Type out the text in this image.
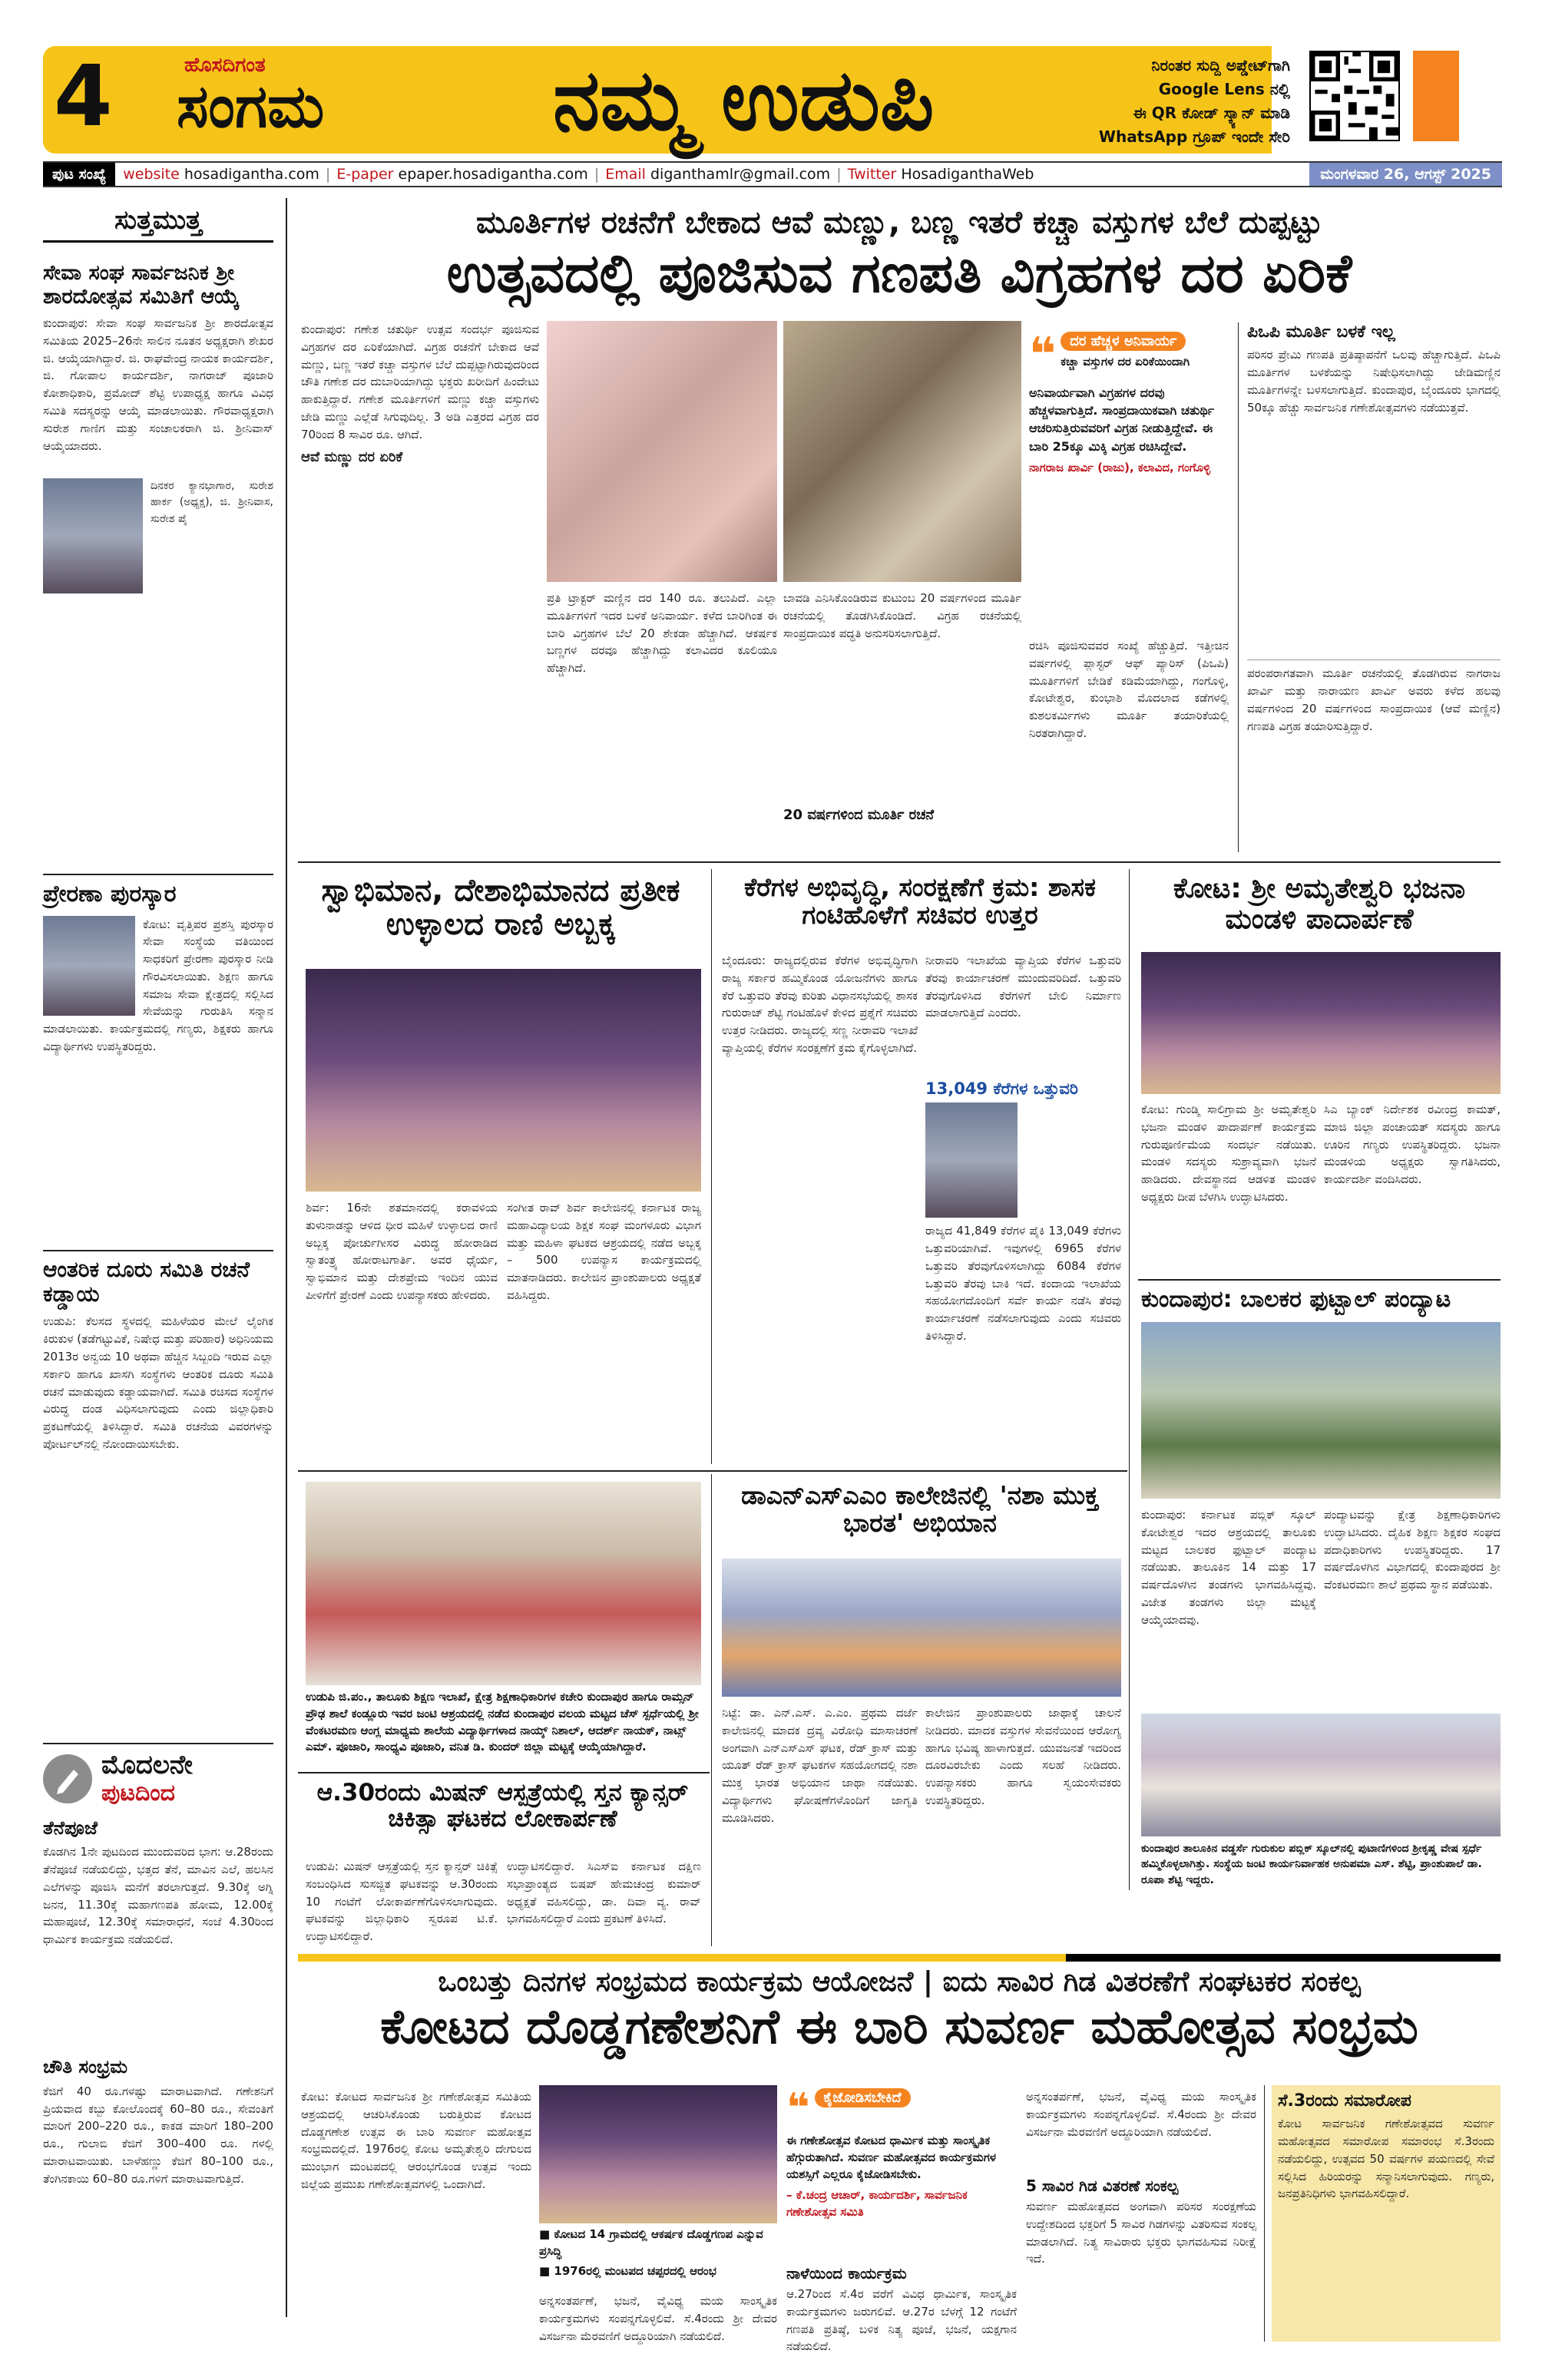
4	ಹೊಸದಿಗಂತ
ಸಂಗಮ	ನಮ್ಮ ಉಡುಪಿ	ನಿರಂತರ ಸುದ್ದಿ ಅಪ್ಡೇಟ್‌ಗಾಗಿ
Google Lens ನಲ್ಲಿ
ಈ QR ಕೋಡ್ ಸ್ಕ್ಯಾನ್ ಮಾಡಿ
WhatsApp ಗ್ರೂಪ್ ಇಂದೇ ಸೇರಿ
ಪುಟ ಸಂಖ್ಯೆ	website
hosadigantha.com | E-paper
epaper.hosadigantha.com | Email
diganthamlr@gmail.com | Twitter
HosadiganthaWeb	ಮಂಗಳವಾರ 26, ಆಗಸ್ಟ್ 2025
ಸುತ್ತಮುತ್ತ
ಸೇವಾ ಸಂಘ ಸಾರ್ವಜನಿಕ ಶ್ರೀ ಶಾರದೋತ್ಸವ ಸಮಿತಿಗೆ ಆಯ್ಕೆ
ಕುಂದಾಪುರ: ಸೇವಾ ಸಂಘ ಸಾರ್ವಜನಿಕ ಶ್ರೀ ಶಾರದೋತ್ಸವ ಸಮಿತಿಯ 2025–26ನೇ ಸಾಲಿನ ನೂತನ ಅಧ್ಯಕ್ಷರಾಗಿ ಶೇಖರ ಜಿ. ಆಯ್ಕೆಯಾಗಿದ್ದಾರೆ. ಜಿ. ರಾಘವೇಂದ್ರ ನಾಯಕ ಕಾರ್ಯದರ್ಶಿ, ಜಿ. ಗೋಪಾಲ ಕಾರ್ಯದರ್ಶಿ, ನಾಗರಾಜ್ ಪೂಜಾರಿ ಕೋಶಾಧಿಕಾರಿ, ಪ್ರಮೋದ್ ಶೆಟ್ಟಿ ಉಪಾಧ್ಯಕ್ಷ ಹಾಗೂ ವಿವಿಧ ಸಮಿತಿ ಸದಸ್ಯರನ್ನು ಆಯ್ಕೆ ಮಾಡಲಾಯಿತು. ಗೌರವಾಧ್ಯಕ್ಷರಾಗಿ ಸುರೇಶ ಗಾಣಿಗ ಮತ್ತು ಸಂಚಾಲಕರಾಗಿ ಜಿ. ಶ್ರೀನಿವಾಸ್ ಆಯ್ಕೆಯಾದರು.
ದಿನಕರ ಕ್ಯಾನಭಾಗಾರ, ಸುರೇಶ ಹಾರ್ಕ (ಅಧ್ಯಕ್ಷ), ಜಿ. ಶ್ರೀನಿವಾಸ, ಸುರೇಶ ಪೈ
ಪ್ರೇರಣಾ ಪುರಸ್ಕಾರ
ಕೋಟ: ವೃತ್ತಿಪರ ಪ್ರಶಸ್ತಿ ಪುರಸ್ಕಾರ ಸೇವಾ ಸಂಸ್ಥೆಯ ವತಿಯಿಂದ ಸಾಧಕರಿಗೆ ಪ್ರೇರಣಾ ಪುರಸ್ಕಾರ ನೀಡಿ ಗೌರವಿಸಲಾಯಿತು. ಶಿಕ್ಷಣ ಹಾಗೂ ಸಮಾಜ ಸೇವಾ ಕ್ಷೇತ್ರದಲ್ಲಿ ಸಲ್ಲಿಸಿದ ಸೇವೆಯನ್ನು ಗುರುತಿಸಿ ಸನ್ಮಾನ ಮಾಡಲಾಯಿತು. ಕಾರ್ಯಕ್ರಮದಲ್ಲಿ ಗಣ್ಯರು, ಶಿಕ್ಷಕರು ಹಾಗೂ ವಿದ್ಯಾರ್ಥಿಗಳು ಉಪಸ್ಥಿತರಿದ್ದರು.
ಆಂತರಿಕ ದೂರು ಸಮಿತಿ ರಚನೆ ಕಡ್ಡಾಯ
ಉಡುಪಿ: ಕೆಲಸದ ಸ್ಥಳದಲ್ಲಿ ಮಹಿಳೆಯರ ಮೇಲೆ ಲೈಂಗಿಕ ಕಿರುಕುಳ (ತಡೆಗಟ್ಟುವಿಕೆ, ನಿಷೇಧ ಮತ್ತು ಪರಿಹಾರ) ಅಧಿನಿಯಮ 2013ರ ಅನ್ವಯ 10 ಅಥವಾ ಹೆಚ್ಚಿನ ಸಿಬ್ಬಂದಿ ಇರುವ ಎಲ್ಲಾ ಸರ್ಕಾರಿ ಹಾಗೂ ಖಾಸಗಿ ಸಂಸ್ಥೆಗಳು ಆಂತರಿಕ ದೂರು ಸಮಿತಿ ರಚನೆ ಮಾಡುವುದು ಕಡ್ಡಾಯವಾಗಿದೆ. ಸಮಿತಿ ರಚಿಸದ ಸಂಸ್ಥೆಗಳ ವಿರುದ್ಧ ದಂಡ ವಿಧಿಸಲಾಗುವುದು ಎಂದು ಜಿಲ್ಲಾಧಿಕಾರಿ ಪ್ರಕಟಣೆಯಲ್ಲಿ ತಿಳಿಸಿದ್ದಾರೆ. ಸಮಿತಿ ರಚನೆಯ ವಿವರಗಳನ್ನು ಪೋರ್ಟಲ್‌ನಲ್ಲಿ ನೋಂದಾಯಿಸಬೇಕು.
ಮೊದಲನೇ
ಪುಟದಿಂದ
ತೆನೆಪೂಜೆ
ಕೊಡಗಿನ 1ನೇ ಪುಟದಿಂದ ಮುಂದುವರಿದ ಭಾಗ: ಆ.28ರಂದು ತೆನೆಪೂಜೆ ನಡೆಯಲಿದ್ದು, ಭತ್ತದ ತೆನೆ, ಮಾವಿನ ಎಲೆ, ಹಲಸಿನ ಎಲೆಗಳನ್ನು ಪೂಜಿಸಿ ಮನೆಗೆ ತರಲಾಗುತ್ತದೆ. 9.30ಕ್ಕೆ ಅಗ್ನಿ ಜನನ, 11.30ಕ್ಕೆ ಮಹಾಗಣಪತಿ ಹೋಮ, 12.00ಕ್ಕೆ ಮಹಾಪೂಜೆ, 12.30ಕ್ಕೆ ಸಮಾರಾಧನೆ, ಸಂಜೆ 4.30ರಿಂದ ಧಾರ್ಮಿಕ ಕಾರ್ಯಕ್ರಮ ನಡೆಯಲಿದೆ.
ಚೌತಿ ಸಂಭ್ರಮ
ಕೆಜಿಗೆ 40 ರೂ.ಗಳಷ್ಟು ಮಾರಾಟವಾಗಿದೆ. ಗಣೇಶನಿಗೆ ಪ್ರಿಯವಾದ ಕಬ್ಬು ಕೋಲೊಂದಕ್ಕೆ 60–80 ರೂ., ಸೇವಂತಿಗೆ ಮಾರಿಗೆ 200–220 ರೂ., ಕಾಕಡ ಮಾರಿಗೆ 180–200 ರೂ., ಗುಲಾಬಿ ಕೆಜಿಗೆ 300–400 ರೂ. ಗಳಲ್ಲಿ ಮಾರಾಟವಾಯಿತು. ಬಾಳೆಹಣ್ಣು ಕೆಜಿಗೆ 80–100 ರೂ., ತೆಂಗಿನಕಾಯಿ 60–80 ರೂ.ಗಳಿಗೆ ಮಾರಾಟವಾಗುತ್ತಿದೆ.
ಮೂರ್ತಿಗಳ ರಚನೆಗೆ ಬೇಕಾದ ಆವೆ ಮಣ್ಣು, ಬಣ್ಣ ಇತರೆ ಕಚ್ಚಾ ವಸ್ತುಗಳ ಬೆಲೆ ದುಪ್ಪಟ್ಟು
ಉತ್ಸವದಲ್ಲಿ ಪೂಜಿಸುವ ಗಣಪತಿ ವಿಗ್ರಹಗಳ ದರ ಏರಿಕೆ
ಕುಂದಾಪುರ: ಗಣೇಶ ಚತುರ್ಥಿ ಉತ್ಸವ ಸಂದರ್ಭ ಪೂಜಿಸುವ ವಿಗ್ರಹಗಳ ದರ ಏರಿಕೆಯಾಗಿದೆ. ವಿಗ್ರಹ ರಚನೆಗೆ ಬೇಕಾದ ಆವೆ ಮಣ್ಣು, ಬಣ್ಣ ಇತರೆ ಕಚ್ಚಾ ವಸ್ತುಗಳ ಬೆಲೆ ದುಪ್ಪಟ್ಟಾಗಿರುವುದರಿಂದ ಚೌತಿ ಗಣೇಶ ದರ ದುಬಾರಿಯಾಗಿದ್ದು ಭಕ್ತರು ಖರೀದಿಗೆ ಹಿಂದೇಟು ಹಾಕುತ್ತಿದ್ದಾರೆ. ಗಣೇಶ ಮೂರ್ತಿಗಳಿಗೆ ಮಣ್ಣು ಕಚ್ಚಾ ವಸ್ತುಗಳು ಜೇಡಿ ಮಣ್ಣು ಎಲ್ಲೆಡೆ ಸಿಗುವುದಿಲ್ಲ. 3 ಅಡಿ ಎತ್ತರದ ವಿಗ್ರಹ ದರ 70ರಿಂದ 8 ಸಾವಿರ ರೂ. ಆಗಿದೆ.
ಆವೆ ಮಣ್ಣು ದರ ಏರಿಕೆ
ಪ್ರತಿ ಟ್ರಾಕ್ಟರ್ ಮಣ್ಣಿನ ದರ 140 ರೂ. ತಲುಪಿದೆ. ಎಲ್ಲಾ ಮೂರ್ತಿಗಳಿಗೆ ಇದರ ಬಳಕೆ ಅನಿವಾರ್ಯ. ಕಳೆದ ಬಾರಿಗಿಂತ ಈ ಬಾರಿ ವಿಗ್ರಹಗಳ ಬೆಲೆ 20 ಶೇಕಡಾ ಹೆಚ್ಚಾಗಿದೆ. ಆಕರ್ಷಕ ಬಣ್ಣಗಳ ದರವೂ ಹೆಚ್ಚಾಗಿದ್ದು ಕಲಾವಿದರ ಕೂಲಿಯೂ ಹೆಚ್ಚಾಗಿದೆ.
ಬಾವಡಿ ಎನಿಸಿಕೊಂಡಿರುವ ಕುಟುಂಬ 20 ವರ್ಷಗಳಿಂದ ಮೂರ್ತಿ ರಚನೆಯಲ್ಲಿ ತೊಡಗಿಸಿಕೊಂಡಿದೆ. ವಿಗ್ರಹ ರಚನೆಯಲ್ಲಿ ಸಾಂಪ್ರದಾಯಿಕ ಪದ್ಧತಿ ಅನುಸರಿಸಲಾಗುತ್ತಿದೆ.
20 ವರ್ಷಗಳಿಂದ ಮೂರ್ತಿ ರಚನೆ
❝	ದರ ಹೆಚ್ಚಳ ಅನಿವಾರ್ಯ
ಕಚ್ಚಾ ವಸ್ತುಗಳ ದರ ಏರಿಕೆಯಿಂದಾಗಿ
ಅನಿವಾರ್ಯವಾಗಿ ವಿಗ್ರಹಗಳ ದರವು ಹೆಚ್ಚಳವಾಗುತ್ತಿದೆ. ಸಾಂಪ್ರದಾಯಿಕವಾಗಿ ಚತುರ್ಥಿ ಆಚರಿಸುತ್ತಿರುವವರಿಗೆ ವಿಗ್ರಹ ನೀಡುತ್ತಿದ್ದೇವೆ. ಈ ಬಾರಿ 25ಕ್ಕೂ ಮಿಕ್ಕಿ ವಿಗ್ರಹ ರಚಿಸಿದ್ದೇವೆ.
ನಾಗರಾಜ ಖಾರ್ವಿ (ರಾಜು), ಕಲಾವಿದ, ಗಂಗೊಳ್ಳಿ
ರಚಿಸಿ ಪೂಜಿಸುವವರ ಸಂಖ್ಯೆ ಹೆಚ್ಚುತ್ತಿದೆ. ಇತ್ತೀಚಿನ ವರ್ಷಗಳಲ್ಲಿ ಪ್ಲಾಸ್ಟರ್ ಆಫ್ ಪ್ಯಾರಿಸ್ (ಪಿಒಪಿ) ಮೂರ್ತಿಗಳಿಗೆ ಬೇಡಿಕೆ ಕಡಿಮೆಯಾಗಿದ್ದು, ಗಂಗೊಳ್ಳಿ, ಕೋಟೇಶ್ವರ, ಕುಂಭಾಶಿ ಮೊದಲಾದ ಕಡೆಗಳಲ್ಲಿ ಕುಶಲಕರ್ಮಿಗಳು ಮೂರ್ತಿ ತಯಾರಿಕೆಯಲ್ಲಿ ನಿರತರಾಗಿದ್ದಾರೆ.
ಪಿಒಪಿ ಮೂರ್ತಿ ಬಳಕೆ ಇಲ್ಲ
ಪರಿಸರ ಪ್ರೇಮಿ ಗಣಪತಿ ಪ್ರತಿಷ್ಠಾಪನೆಗೆ ಒಲವು ಹೆಚ್ಚಾಗುತ್ತಿದೆ. ಪಿಒಪಿ ಮೂರ್ತಿಗಳ ಬಳಕೆಯನ್ನು ನಿಷೇಧಿಸಲಾಗಿದ್ದು ಜೇಡಿಮಣ್ಣಿನ ಮೂರ್ತಿಗಳನ್ನೇ ಬಳಸಲಾಗುತ್ತಿದೆ. ಕುಂದಾಪುರ, ಬೈಂದೂರು ಭಾಗದಲ್ಲಿ 50ಕ್ಕೂ ಹೆಚ್ಚು ಸಾರ್ವಜನಿಕ ಗಣೇಶೋತ್ಸವಗಳು ನಡೆಯುತ್ತವೆ.
ಪರಂಪರಾಗತವಾಗಿ ಮೂರ್ತಿ ರಚನೆಯಲ್ಲಿ ತೊಡಗಿರುವ ನಾಗರಾಜ ಖಾರ್ವಿ ಮತ್ತು ನಾರಾಯಣ ಖಾರ್ವಿ ಅವರು ಕಳೆದ ಹಲವು ವರ್ಷಗಳಿಂದ 20 ವರ್ಷಗಳಿಂದ ಸಾಂಪ್ರದಾಯಿಕ (ಆವೆ ಮಣ್ಣಿನ) ಗಣಪತಿ ವಿಗ್ರಹ ತಯಾರಿಸುತ್ತಿದ್ದಾರೆ.
ಸ್ವಾಭಿಮಾನ, ದೇಶಾಭಿಮಾನದ ಪ್ರತೀಕ ಉಳ್ಳಾಲದ ರಾಣಿ ಅಬ್ಬಕ್ಕ
ಶಿರ್ವ: 16ನೇ ಶತಮಾನದಲ್ಲಿ ಕರಾವಳಿಯ ತುಳುನಾಡನ್ನು ಆಳಿದ ಧೀರ ಮಹಿಳೆ ಉಳ್ಳಾಲದ ರಾಣಿ ಅಬ್ಬಕ್ಕ ಪೋರ್ಚುಗೀಸರ ವಿರುದ್ಧ ಹೋರಾಡಿದ ಸ್ವಾತಂತ್ರ್ಯ ಹೋರಾಟಗಾರ್ತಿ. ಅವರ ಧೈರ್ಯ, ಸ್ವಾಭಿಮಾನ ಮತ್ತು ದೇಶಪ್ರೇಮ ಇಂದಿನ ಯುವ ಪೀಳಿಗೆಗೆ ಪ್ರೇರಣೆ ಎಂದು ಉಪನ್ಯಾಸಕರು ಹೇಳಿದರು.
ಸಂಗೀತ ರಾವ್ ಶಿರ್ವ ಕಾಲೇಜಿನಲ್ಲಿ ಕರ್ನಾಟಕ ರಾಜ್ಯ ಮಹಾವಿದ್ಯಾಲಯ ಶಿಕ್ಷಕ ಸಂಘ ಮಂಗಳೂರು ವಿಭಾಗ ಮತ್ತು ಮಹಿಳಾ ಘಟಕದ ಆಶ್ರಯದಲ್ಲಿ ನಡೆದ ಅಬ್ಬಕ್ಕ – 500 ಉಪನ್ಯಾಸ ಕಾರ್ಯಕ್ರಮದಲ್ಲಿ ಮಾತನಾಡಿದರು. ಕಾಲೇಜಿನ ಪ್ರಾಂಶುಪಾಲರು ಅಧ್ಯಕ್ಷತೆ ವಹಿಸಿದ್ದರು.
ಕೆರೆಗಳ ಅಭಿವೃದ್ಧಿ, ಸಂರಕ್ಷಣೆಗೆ ಕ್ರಮ: ಶಾಸಕ ಗಂಟಿಹೊಳೆಗೆ ಸಚಿವರ ಉತ್ತರ
ಬೈಂದೂರು: ರಾಜ್ಯದಲ್ಲಿರುವ ಕೆರೆಗಳ ಅಭಿವೃದ್ಧಿಗಾಗಿ ರಾಜ್ಯ ಸರ್ಕಾರ ಹಮ್ಮಿಕೊಂಡ ಯೋಜನೆಗಳು ಹಾಗೂ ಕೆರೆ ಒತ್ತುವರಿ ತೆರವು ಕುರಿತು ವಿಧಾನಸಭೆಯಲ್ಲಿ ಶಾಸಕ ಗುರುರಾಜ್ ಶೆಟ್ಟಿ ಗಂಟಿಹೊಳೆ ಕೇಳಿದ ಪ್ರಶ್ನೆಗೆ ಸಚಿವರು ಉತ್ತರ ನೀಡಿದರು. ರಾಜ್ಯದಲ್ಲಿ ಸಣ್ಣ ನೀರಾವರಿ ಇಲಾಖೆ ವ್ಯಾಪ್ತಿಯಲ್ಲಿ ಕೆರೆಗಳ ಸಂರಕ್ಷಣೆಗೆ ಕ್ರಮ ಕೈಗೊಳ್ಳಲಾಗಿದೆ.
ನೀರಾವರಿ ಇಲಾಖೆಯ ವ್ಯಾಪ್ತಿಯ ಕೆರೆಗಳ ಒತ್ತುವರಿ ತೆರವು ಕಾರ್ಯಾಚರಣೆ ಮುಂದುವರಿದಿದೆ. ಒತ್ತುವರಿ ತೆರವುಗೊಳಿಸಿದ ಕೆರೆಗಳಿಗೆ ಬೇಲಿ ನಿರ್ಮಾಣ ಮಾಡಲಾಗುತ್ತಿದೆ ಎಂದರು.
13,049 ಕೆರೆಗಳ ಒತ್ತುವರಿ
ರಾಜ್ಯದ 41,849 ಕೆರೆಗಳ ಪೈಕಿ 13,049 ಕೆರೆಗಳು ಒತ್ತುವರಿಯಾಗಿವೆ. ಇವುಗಳಲ್ಲಿ 6965 ಕೆರೆಗಳ ಒತ್ತುವರಿ ತೆರವುಗೊಳಿಸಲಾಗಿದ್ದು 6084 ಕೆರೆಗಳ ಒತ್ತುವರಿ ತೆರವು ಬಾಕಿ ಇದೆ. ಕಂದಾಯ ಇಲಾಖೆಯ ಸಹಯೋಗದೊಂದಿಗೆ ಸರ್ವೆ ಕಾರ್ಯ ನಡೆಸಿ ತೆರವು ಕಾರ್ಯಾಚರಣೆ ನಡೆಸಲಾಗುವುದು ಎಂದು ಸಚಿವರು ತಿಳಿಸಿದ್ದಾರೆ.
ಕೋಟ: ಶ್ರೀ ಅಮೃತೇಶ್ವರಿ ಭಜನಾ ಮಂಡಳಿ ಪಾದಾರ್ಪಣೆ
ಕೋಟ: ಗುಂಡ್ಮಿ ಸಾಲಿಗ್ರಾಮ ಶ್ರೀ ಅಮೃತೇಶ್ವರಿ ಭಜನಾ ಮಂಡಳಿ ಪಾದಾರ್ಪಣೆ ಕಾರ್ಯಕ್ರಮ ಗುರುಪೂರ್ಣಿಮೆಯ ಸಂದರ್ಭ ನಡೆಯಿತು. ಮಂಡಳಿ ಸದಸ್ಯರು ಸುಶ್ರಾವ್ಯವಾಗಿ ಭಜನೆ ಹಾಡಿದರು. ದೇವಸ್ಥಾನದ ಆಡಳಿತ ಮಂಡಳಿ ಅಧ್ಯಕ್ಷರು ದೀಪ ಬೆಳಗಿಸಿ ಉದ್ಘಾಟಿಸಿದರು.
ಸಿಎ ಬ್ಯಾಂಕ್ ನಿರ್ದೇಶಕ ರವೀಂದ್ರ ಕಾಮತ್, ಮಾಜಿ ಜಿಲ್ಲಾ ಪಂಚಾಯತ್ ಸದಸ್ಯರು ಹಾಗೂ ಊರಿನ ಗಣ್ಯರು ಉಪಸ್ಥಿತರಿದ್ದರು. ಭಜನಾ ಮಂಡಳಿಯ ಅಧ್ಯಕ್ಷರು ಸ್ವಾಗತಿಸಿದರು, ಕಾರ್ಯದರ್ಶಿ ವಂದಿಸಿದರು.
ಕುಂದಾಪುರ: ಬಾಲಕರ ಫುಟ್ಬಾಲ್ ಪಂದ್ಯಾಟ
ಕುಂದಾಪುರ: ಕರ್ನಾಟಕ ಪಬ್ಲಿಕ್ ಸ್ಕೂಲ್ ಕೋಟೇಶ್ವರ ಇದರ ಆಶ್ರಯದಲ್ಲಿ ತಾಲೂಕು ಮಟ್ಟದ ಬಾಲಕರ ಫುಟ್ಬಾಲ್ ಪಂದ್ಯಾಟ ನಡೆಯಿತು. ತಾಲೂಕಿನ 14 ಮತ್ತು 17 ವರ್ಷದೊಳಗಿನ ತಂಡಗಳು ಭಾಗವಹಿಸಿದ್ದವು. ವಿಜೇತ ತಂಡಗಳು ಜಿಲ್ಲಾ ಮಟ್ಟಕ್ಕೆ ಆಯ್ಕೆಯಾದವು.
ಪಂದ್ಯಾಟವನ್ನು ಕ್ಷೇತ್ರ ಶಿಕ್ಷಣಾಧಿಕಾರಿಗಳು ಉದ್ಘಾಟಿಸಿದರು. ದೈಹಿಕ ಶಿಕ್ಷಣ ಶಿಕ್ಷಕರ ಸಂಘದ ಪದಾಧಿಕಾರಿಗಳು ಉಪಸ್ಥಿತರಿದ್ದರು. 17 ವರ್ಷದೊಳಗಿನ ವಿಭಾಗದಲ್ಲಿ ಕುಂದಾಪುರದ ಶ್ರೀ ವೆಂಕಟರಮಣ ಶಾಲೆ ಪ್ರಥಮ ಸ್ಥಾನ ಪಡೆಯಿತು.
ಕುಂದಾಪುರ ತಾಲೂಕಿನ ವಡ್ಡರ್ಸೆ ಗುರುಕುಲ ಪಬ್ಲಿಕ್ ಸ್ಕೂಲ್‌ನಲ್ಲಿ ಪುಟಾಣಿಗಳಿಂದ ಶ್ರೀಕೃಷ್ಣ ವೇಷ ಸ್ಪರ್ಧೆ ಹಮ್ಮಿಕೊಳ್ಳಲಾಗಿತ್ತು. ಸಂಸ್ಥೆಯ ಜಂಟಿ ಕಾರ್ಯನಿರ್ವಾಹಕ ಅನುಪಮಾ ಎಸ್. ಶೆಟ್ಟಿ, ಪ್ರಾಂಶುಪಾಲೆ ಡಾ. ರೂಪಾ ಶೆಟ್ಟಿ ಇದ್ದರು.
ಉಡುಪಿ ಜಿ.ಪಂ., ತಾಲೂಕು ಶಿಕ್ಷಣ ಇಲಾಖೆ, ಕ್ಷೇತ್ರ ಶಿಕ್ಷಣಾಧಿಕಾರಿಗಳ ಕಚೇರಿ ಕುಂದಾಪುರ ಹಾಗೂ ರಾಮ್ಸನ್ ಪ್ರೌಢ ಶಾಲೆ ಕಂಡ್ಲೂರು ಇವರ ಜಂಟಿ ಆಶ್ರಯದಲ್ಲಿ ನಡೆದ ಕುಂದಾಪುರ ವಲಯ ಮಟ್ಟದ ಚೆಸ್ ಸ್ಪರ್ಧೆಯಲ್ಲಿ ಶ್ರೀ ವೆಂಕಟರಮಣ ಆಂಗ್ಲ ಮಾಧ್ಯಮ ಶಾಲೆಯ ವಿದ್ಯಾರ್ಥಿಗಳಾದ ನಾಯ್ಕ್ ನಿಶಾಲ್, ಆದರ್ಶ್ ನಾಯಕ್, ನಾಟ್ಸ್ ಎಮ್. ಪೂಜಾರಿ, ಸಾಂಧ್ಯವಿ ಪೂಜಾರಿ, ವನಿತ ಡಿ. ಕುಂದರ್ ಜಿಲ್ಲಾ ಮಟ್ಟಕ್ಕೆ ಆಯ್ಕೆಯಾಗಿದ್ದಾರೆ.
ಆ.30ರಂದು ಮಿಷನ್ ಆಸ್ಪತ್ರೆಯಲ್ಲಿ ಸ್ತನ ಕ್ಯಾನ್ಸರ್ ಚಿಕಿತ್ಸಾ ಘಟಕದ ಲೋಕಾರ್ಪಣೆ
ಉಡುಪಿ: ಮಿಷನ್ ಆಸ್ಪತ್ರೆಯಲ್ಲಿ ಸ್ತನ ಕ್ಯಾನ್ಸರ್ ಚಿಕಿತ್ಸೆ ಸಂಬಂಧಿಸಿದ ಸುಸಜ್ಜಿತ ಘಟಕವನ್ನು ಆ.30ರಂದು 10 ಗಂಟೆಗೆ ಲೋಕಾರ್ಪಣೆಗೊಳಿಸಲಾಗುವುದು. ಘಟಕವನ್ನು ಜಿಲ್ಲಾಧಿಕಾರಿ ಸ್ವರೂಪ ಟಿ.ಕೆ. ಉದ್ಘಾಟಿಸಲಿದ್ದಾರೆ.
ಉದ್ಘಾಟಿಸಲಿದ್ದಾರೆ. ಸಿಎಸ್‌ಐ ಕರ್ನಾಟಕ ದಕ್ಷಿಣ ಸಭಾಪ್ರಾಂತ್ಯದ ಬಿಷಪ್ ಹೇಮಚಂದ್ರ ಕುಮಾರ್ ಅಧ್ಯಕ್ಷತೆ ವಹಿಸಲಿದ್ದು, ಡಾ. ದಿವಾ ವ್ಯ. ರಾವ್ ಭಾಗವಹಿಸಲಿದ್ದಾರೆ ಎಂದು ಪ್ರಕಟಣೆ ತಿಳಿಸಿದೆ.
ಡಾಎನ್‌ಎಸ್‌ಎಎಂ ಕಾಲೇಜಿನಲ್ಲಿ 'ನಶಾ ಮುಕ್ತ ಭಾರತ' ಅಭಿಯಾನ
ನಿಟ್ಟೆ: ಡಾ. ಎನ್.ಎಸ್. ಎ.ಎಂ. ಪ್ರಥಮ ದರ್ಜೆ ಕಾಲೇಜಿನಲ್ಲಿ ಮಾದಕ ದ್ರವ್ಯ ವಿರೋಧಿ ಮಾಸಾಚರಣೆ ಅಂಗವಾಗಿ ಎನ್‌ಎಸ್‌ಎಸ್ ಘಟಕ, ರೆಡ್ ಕ್ರಾಸ್ ಮತ್ತು ಯೂತ್ ರೆಡ್ ಕ್ರಾಸ್ ಘಟಕಗಳ ಸಹಯೋಗದಲ್ಲಿ ನಶಾ ಮುಕ್ತ ಭಾರತ ಅಭಿಯಾನ ಜಾಥಾ ನಡೆಯಿತು. ವಿದ್ಯಾರ್ಥಿಗಳು ಘೋಷಣೆಗಳೊಂದಿಗೆ ಜಾಗೃತಿ ಮೂಡಿಸಿದರು.
ಕಾಲೇಜಿನ ಪ್ರಾಂಶುಪಾಲರು ಜಾಥಾಕ್ಕೆ ಚಾಲನೆ ನೀಡಿದರು. ಮಾದಕ ವಸ್ತುಗಳ ಸೇವನೆಯಿಂದ ಆರೋಗ್ಯ ಹಾಗೂ ಭವಿಷ್ಯ ಹಾಳಾಗುತ್ತದೆ. ಯುವಜನತೆ ಇದರಿಂದ ದೂರವಿರಬೇಕು ಎಂದು ಸಲಹೆ ನೀಡಿದರು. ಉಪನ್ಯಾಸಕರು ಹಾಗೂ ಸ್ವಯಂಸೇವಕರು ಉಪಸ್ಥಿತರಿದ್ದರು.
ಒಂಬತ್ತು ದಿನಗಳ ಸಂಭ್ರಮದ ಕಾರ್ಯಕ್ರಮ ಆಯೋಜನೆ | ಐದು ಸಾವಿರ ಗಿಡ ವಿತರಣೆಗೆ ಸಂಘಟಕರ ಸಂಕಲ್ಪ
ಕೋಟದ ದೊಡ್ಡಗಣೇಶನಿಗೆ ಈ ಬಾರಿ ಸುವರ್ಣ ಮಹೋತ್ಸವ ಸಂಭ್ರಮ
ಕೋಟ: ಕೋಟದ ಸಾರ್ವಜನಿಕ ಶ್ರೀ ಗಣೇಶೋತ್ಸವ ಸಮಿತಿಯ ಆಶ್ರಯದಲ್ಲಿ ಆಚರಿಸಿಕೊಂಡು ಬರುತ್ತಿರುವ ಕೋಟದ ದೊಡ್ಡಗಣೇಶ ಉತ್ಸವ ಈ ಬಾರಿ ಸುವರ್ಣ ಮಹೋತ್ಸವ ಸಂಭ್ರಮದಲ್ಲಿದೆ. 1976ರಲ್ಲಿ ಕೋಟ ಅಮೃತೇಶ್ವರಿ ದೇಗುಲದ ಮುಂಭಾಗ ಮಂಟಪದಲ್ಲಿ ಆರಂಭಗೊಂಡ ಉತ್ಸವ ಇಂದು ಜಿಲ್ಲೆಯ ಪ್ರಮುಖ ಗಣೇಶೋತ್ಸವಗಳಲ್ಲಿ ಒಂದಾಗಿದೆ.
■ ಕೋಟದ 14 ಗ್ರಾಮದಲ್ಲಿ ಆಕರ್ಷಕ ದೊಡ್ಡಗಣಪ ಎನ್ನುವ ಪ್ರಸಿದ್ಧಿ
■ 1976ರಲ್ಲಿ ಮಂಟಪದ ಚಪ್ಪರದಲ್ಲಿ ಆರಂಭ
ಅನ್ನಸಂತರ್ಪಣೆ, ಭಜನೆ, ವೈವಿಧ್ಯ ಮಯ ಸಾಂಸ್ಕೃತಿಕ ಕಾರ್ಯಕ್ರಮಗಳು ಸಂಪನ್ನಗೊಳ್ಳಲಿವೆ. ಸೆ.4ರಂದು ಶ್ರೀ ದೇವರ ವಿಸರ್ಜನಾ ಮೆರವಣಿಗೆ ಅದ್ದೂರಿಯಾಗಿ ನಡೆಯಲಿದೆ.
❝	ಕೈಜೋಡಿಸಬೇಕಿದೆ
ಈ ಗಣೇಶೋತ್ಸವ ಕೋಟದ ಧಾರ್ಮಿಕ ಮತ್ತು ಸಾಂಸ್ಕೃತಿಕ ಹೆಗ್ಗುರುತಾಗಿದೆ. ಸುವರ್ಣ ಮಹೋತ್ಸವದ ಕಾರ್ಯಕ್ರಮಗಳ ಯಶಸ್ಸಿಗೆ ಎಲ್ಲರೂ ಕೈಜೋಡಿಸಬೇಕು.
– ಕೆ.ಚಂದ್ರ ಆಚಾರ್, ಕಾರ್ಯದರ್ಶಿ, ಸಾರ್ವಜನಿಕ ಗಣೇಶೋತ್ಸವ ಸಮಿತಿ
ನಾಳೆಯಿಂದ ಕಾರ್ಯಕ್ರಮ
ಆ.27ರಿಂದ ಸೆ.4ರ ವರೆಗೆ ವಿವಿಧ ಧಾರ್ಮಿಕ, ಸಾಂಸ್ಕೃತಿಕ ಕಾರ್ಯಕ್ರಮಗಳು ಜರುಗಲಿವೆ. ಆ.27ರ ಬೆಳಗ್ಗೆ 12 ಗಂಟೆಗೆ ಗಣಪತಿ ಪ್ರತಿಷ್ಠೆ, ಬಳಿಕ ನಿತ್ಯ ಪೂಜೆ, ಭಜನೆ, ಯಕ್ಷಗಾನ ನಡೆಯಲಿದೆ.
ಅನ್ನಸಂತರ್ಪಣೆ, ಭಜನೆ, ವೈವಿಧ್ಯ ಮಯ ಸಾಂಸ್ಕೃತಿಕ ಕಾರ್ಯಕ್ರಮಗಳು ಸಂಪನ್ನಗೊಳ್ಳಲಿವೆ. ಸೆ.4ರಂದು ಶ್ರೀ ದೇವರ ವಿಸರ್ಜನಾ ಮೆರವಣಿಗೆ ಅದ್ದೂರಿಯಾಗಿ ನಡೆಯಲಿದೆ.
5 ಸಾವಿರ ಗಿಡ ವಿತರಣೆ ಸಂಕಲ್ಪ
ಸುವರ್ಣ ಮಹೋತ್ಸವದ ಅಂಗವಾಗಿ ಪರಿಸರ ಸಂರಕ್ಷಣೆಯ ಉದ್ದೇಶದಿಂದ ಭಕ್ತರಿಗೆ 5 ಸಾವಿರ ಗಿಡಗಳನ್ನು ವಿತರಿಸುವ ಸಂಕಲ್ಪ ಮಾಡಲಾಗಿದೆ. ನಿತ್ಯ ಸಾವಿರಾರು ಭಕ್ತರು ಭಾಗವಹಿಸುವ ನಿರೀಕ್ಷೆ ಇದೆ.
ಸೆ.3ರಂದು ಸಮಾರೋಪ
ಕೋಟ ಸಾರ್ವಜನಿಕ ಗಣೇಶೋತ್ಸವದ ಸುವರ್ಣ ಮಹೋತ್ಸವದ ಸಮಾರೋಪ ಸಮಾರಂಭ ಸೆ.3ರಂದು ನಡೆಯಲಿದ್ದು, ಉತ್ಸವದ 50 ವರ್ಷಗಳ ಪಯಣದಲ್ಲಿ ಸೇವೆ ಸಲ್ಲಿಸಿದ ಹಿರಿಯರನ್ನು ಸನ್ಮಾನಿಸಲಾಗುವುದು. ಗಣ್ಯರು, ಜನಪ್ರತಿನಿಧಿಗಳು ಭಾಗವಹಿಸಲಿದ್ದಾರೆ.
